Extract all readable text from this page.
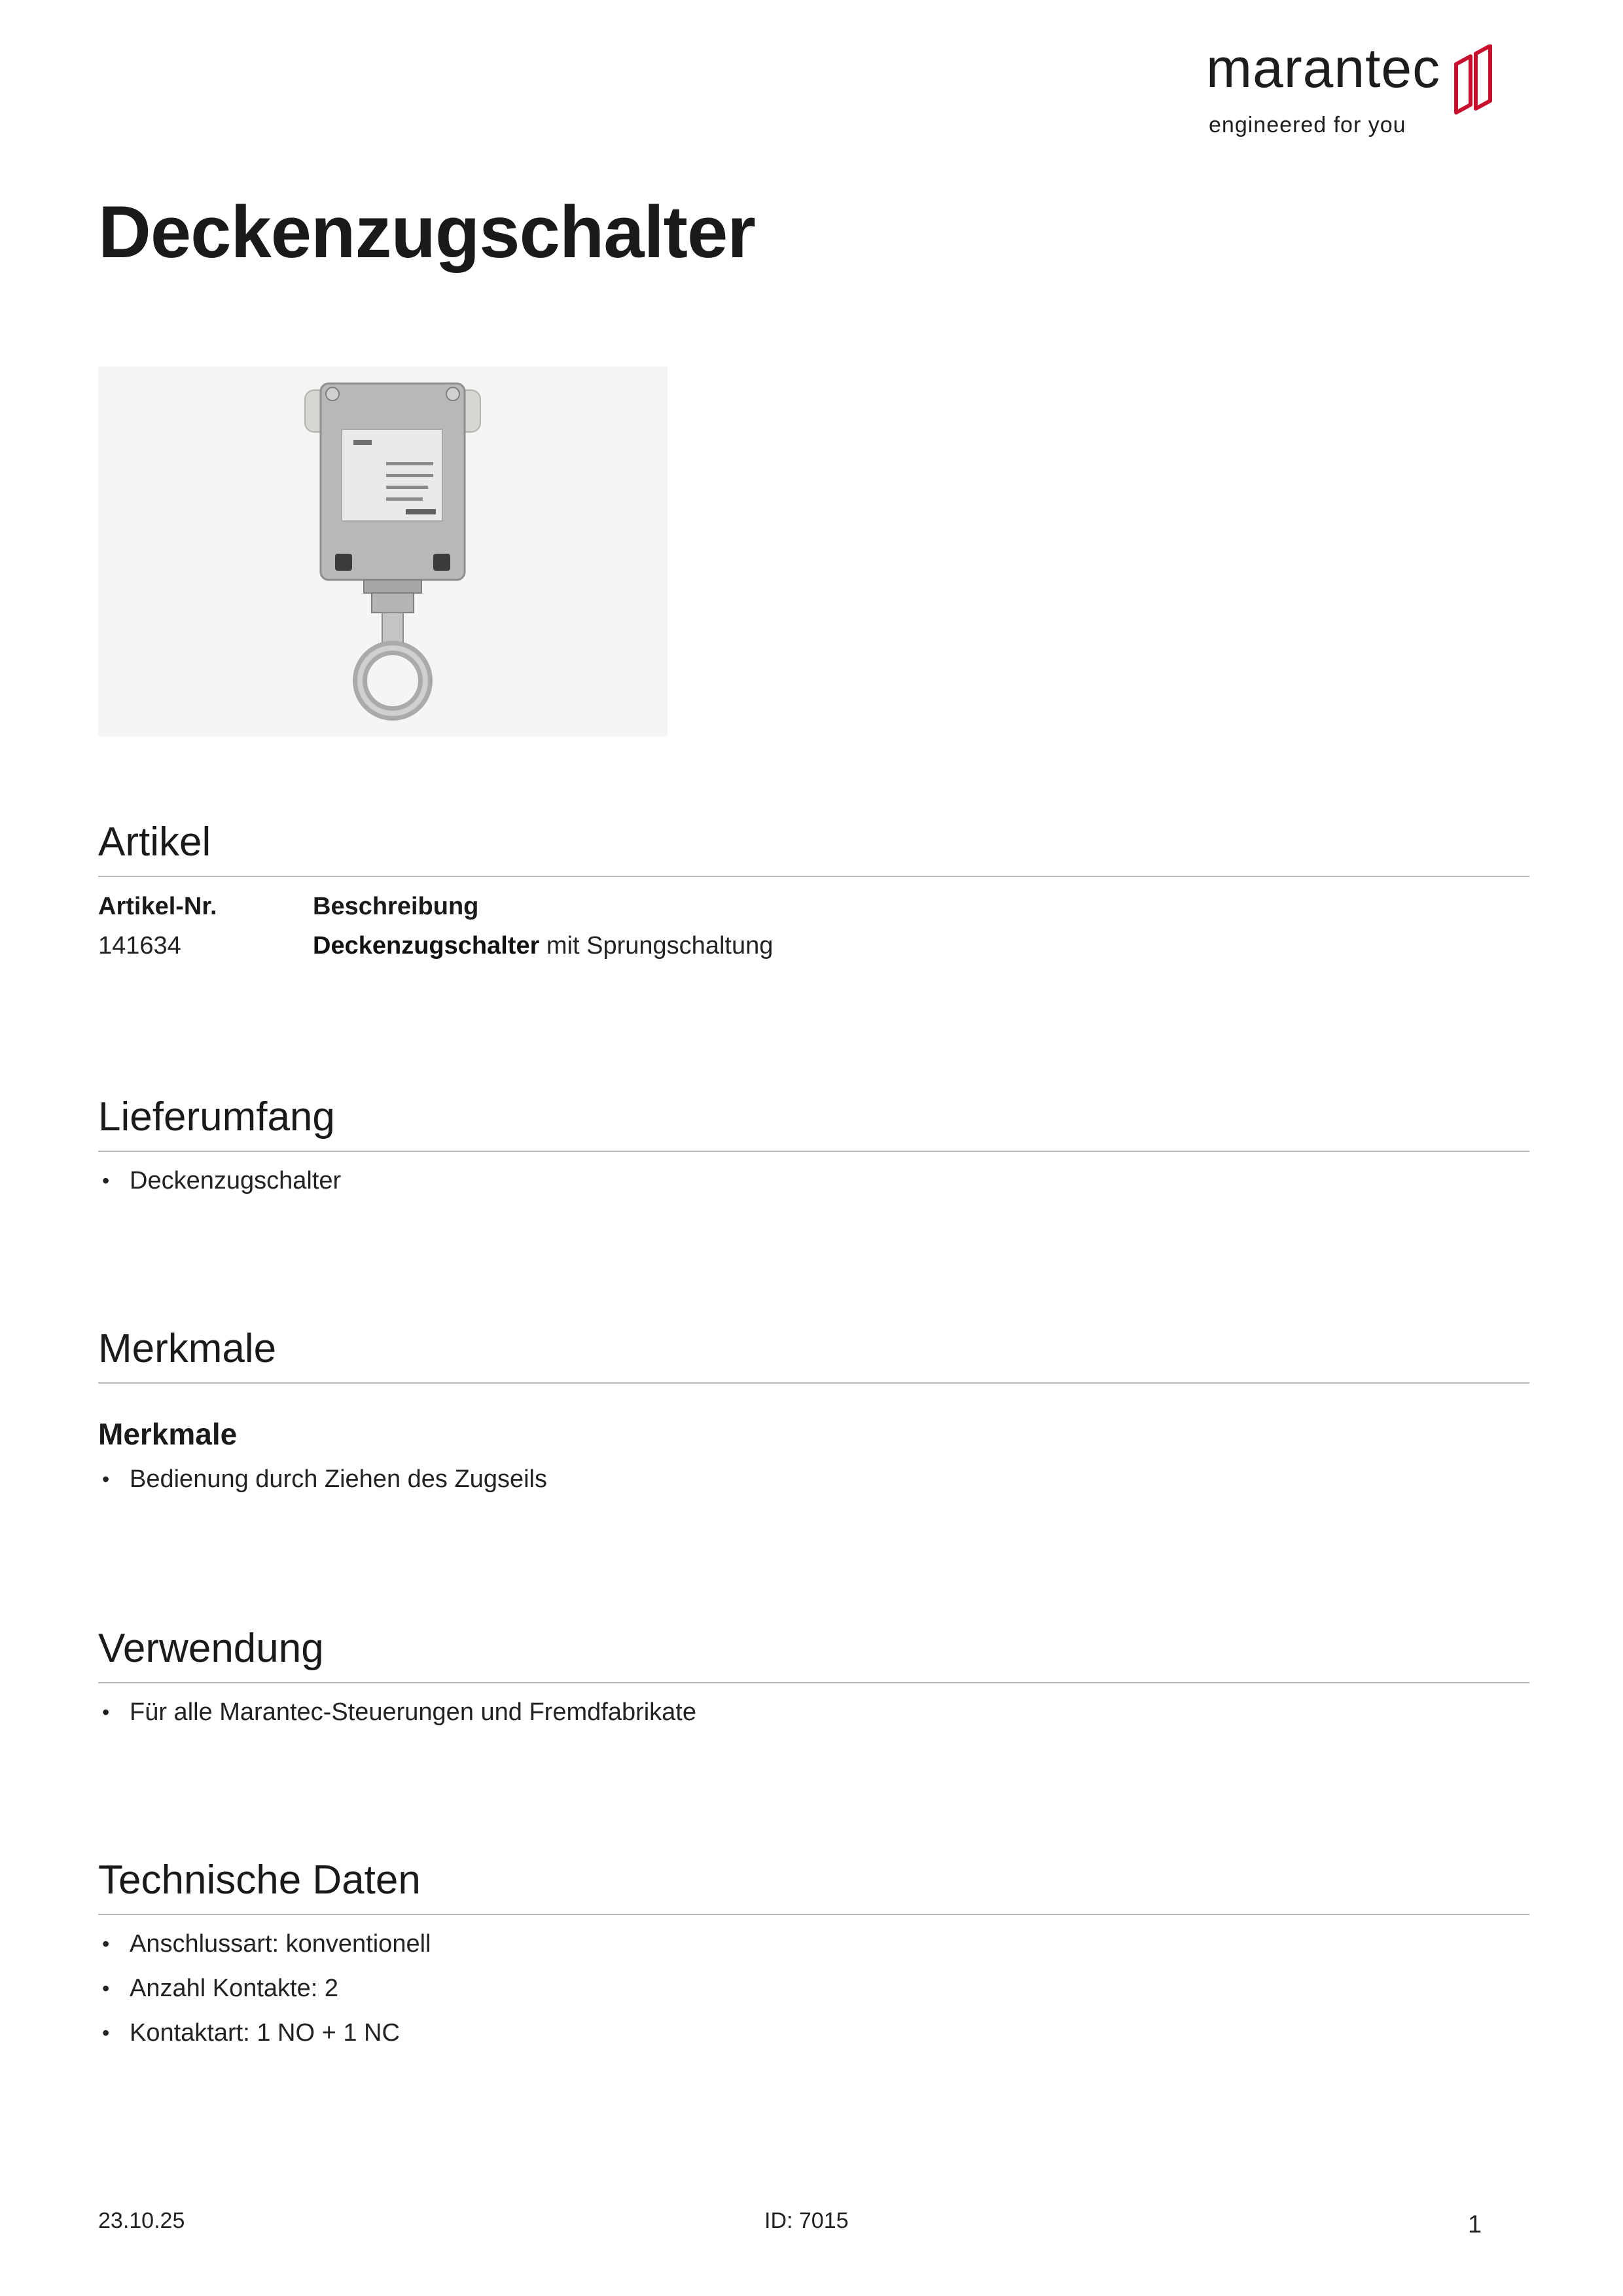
marantec
engineered for you
Deckenzugschalter
Artikel
Artikel-Nr.	Beschreibung
141634	Deckenzugschalter mit Sprungschaltung
Lieferumfang
• Deckenzugschalter
Merkmale
Merkmale
• Bedienung durch Ziehen des Zugseils
Verwendung
• Für alle Marantec-Steuerungen und Fremdfabrikate
Technische Daten
• Anschlussart: konventionell
• Anzahl Kontakte: 2
• Kontaktart: 1 NO + 1 NC
23.10.25	ID: 7015	1
